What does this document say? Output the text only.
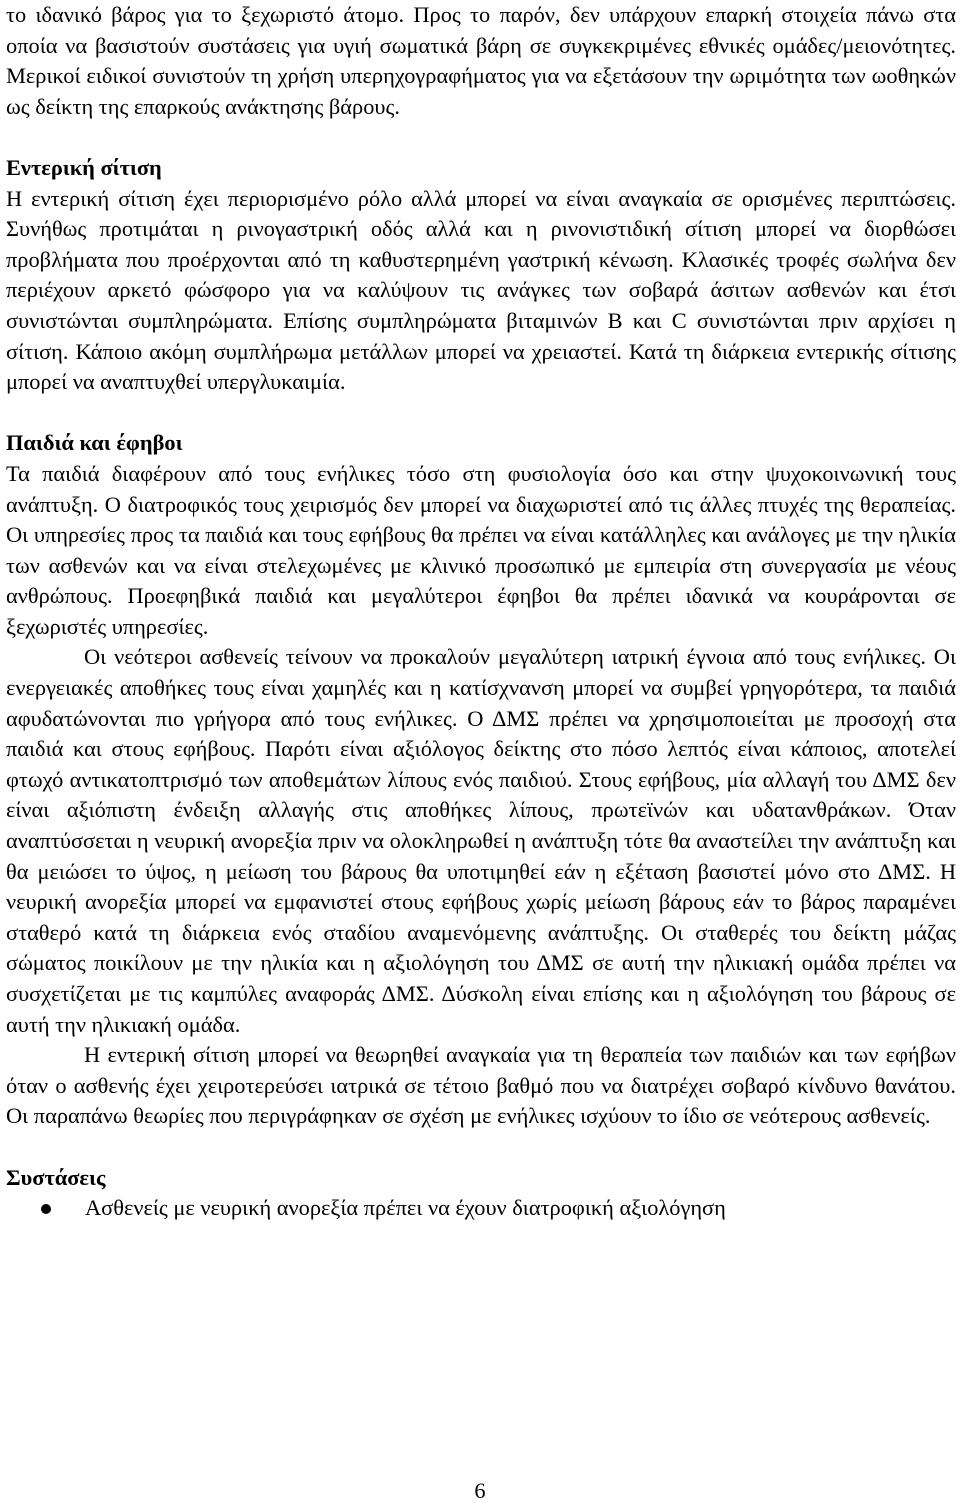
το ιδανικό βάρος για το ξεχωριστό άτομο. Προς το παρόν, δεν υπάρχουν επαρκή στοιχεία πάνω στα οποία να βασιστούν συστάσεις για υγιή σωματικά βάρη σε συγκεκριμένες εθνικές ομάδες/μειονότητες. Μερικοί ειδικοί συνιστούν τη χρήση υπερηχογραφήματος για να εξετάσουν την ωριμότητα των ωοθηκών ως δείκτη της επαρκούς ανάκτησης βάρους.

Εντερική σίτιση

Η εντερική σίτιση έχει περιορισμένο ρόλο αλλά μπορεί να είναι αναγκαία σε ορισμένες περιπτώσεις. Συνήθως προτιμάται η ρινογαστρική οδός αλλά και η ρινονιστιδική σίτιση μπορεί να διορθώσει προβλήματα που προέρχονται από τη καθυστερημένη γαστρική κένωση. Κλασικές τροφές σωλήνα δεν περιέχουν αρκετό φώσφορο για να καλύψουν τις ανάγκες των σοβαρά άσιτων ασθενών και έτσι συνιστώνται συμπληρώματα. Επίσης συμπληρώματα βιταμινών Β και C συνιστώνται πριν αρχίσει η σίτιση. Κάποιο ακόμη συμπλήρωμα μετάλλων μπορεί να χρειαστεί. Κατά τη διάρκεια εντερικής σίτισης μπορεί να αναπτυχθεί υπεργλυκαιμία.

Παιδιά και έφηβοι

Τα παιδιά διαφέρουν από τους ενήλικες τόσο στη φυσιολογία όσο και στην ψυχοκοινωνική τους ανάπτυξη. Ο διατροφικός τους χειρισμός δεν μπορεί να διαχωριστεί από τις άλλες πτυχές της θεραπείας. Οι υπηρεσίες προς τα παιδιά και τους εφήβους θα πρέπει να είναι κατάλληλες και ανάλογες με την ηλικία των ασθενών και να είναι στελεχωμένες με κλινικό προσωπικό με εμπειρία στη συνεργασία με νέους ανθρώπους. Προεφηβικά παιδιά και μεγαλύτεροι έφηβοι θα πρέπει ιδανικά να κουράρονται σε ξεχωριστές υπηρεσίες.

Οι νεότεροι ασθενείς τείνουν να προκαλούν μεγαλύτερη ιατρική έγνοια από τους ενήλικες. Οι ενεργειακές αποθήκες τους είναι χαμηλές και η κατίσχνανση μπορεί να συμβεί γρηγορότερα, τα παιδιά αφυδατώνονται πιο γρήγορα από τους ενήλικες. Ο ΔΜΣ πρέπει να χρησιμοποιείται με προσοχή στα παιδιά και στους εφήβους. Παρότι είναι αξιόλογος δείκτης στο πόσο λεπτός είναι κάποιος, αποτελεί φτωχό αντικατοπτρισμό των αποθεμάτων λίπους ενός παιδιού. Στους εφήβους, μία αλλαγή του ΔΜΣ δεν είναι αξιόπιστη ένδειξη αλλαγής στις αποθήκες λίπους, πρωτεϊνών και υδατανθράκων. Όταν αναπτύσσεται η νευρική ανορεξία πριν να ολοκληρωθεί η ανάπτυξη τότε θα αναστείλει την ανάπτυξη και θα μειώσει το ύψος, η μείωση του βάρους θα υποτιμηθεί εάν η εξέταση βασιστεί μόνο στο ΔΜΣ. Η νευρική ανορεξία μπορεί να εμφανιστεί στους εφήβους χωρίς μείωση βάρους εάν το βάρος παραμένει σταθερό κατά τη διάρκεια ενός σταδίου αναμενόμενης ανάπτυξης. Οι σταθερές του δείκτη μάζας σώματος ποικίλουν με την ηλικία και η αξιολόγηση του ΔΜΣ σε αυτή την ηλικιακή ομάδα πρέπει να συσχετίζεται με τις καμπύλες αναφοράς ΔΜΣ. Δύσκολη είναι επίσης και η αξιολόγηση του βάρους σε αυτή την ηλικιακή ομάδα.

Η εντερική σίτιση μπορεί να θεωρηθεί αναγκαία για τη θεραπεία των παιδιών και των εφήβων όταν ο ασθενής έχει χειροτερεύσει ιατρικά σε τέτοιο βαθμό που να διατρέχει σοβαρό κίνδυνο θανάτου. Οι παραπάνω θεωρίες που περιγράφηκαν σε σχέση με ενήλικες ισχύουν το ίδιο σε νεότερους ασθενείς.

Συστάσεις

Ασθενείς με νευρική ανορεξία πρέπει να έχουν διατροφική αξιολόγηση
6
